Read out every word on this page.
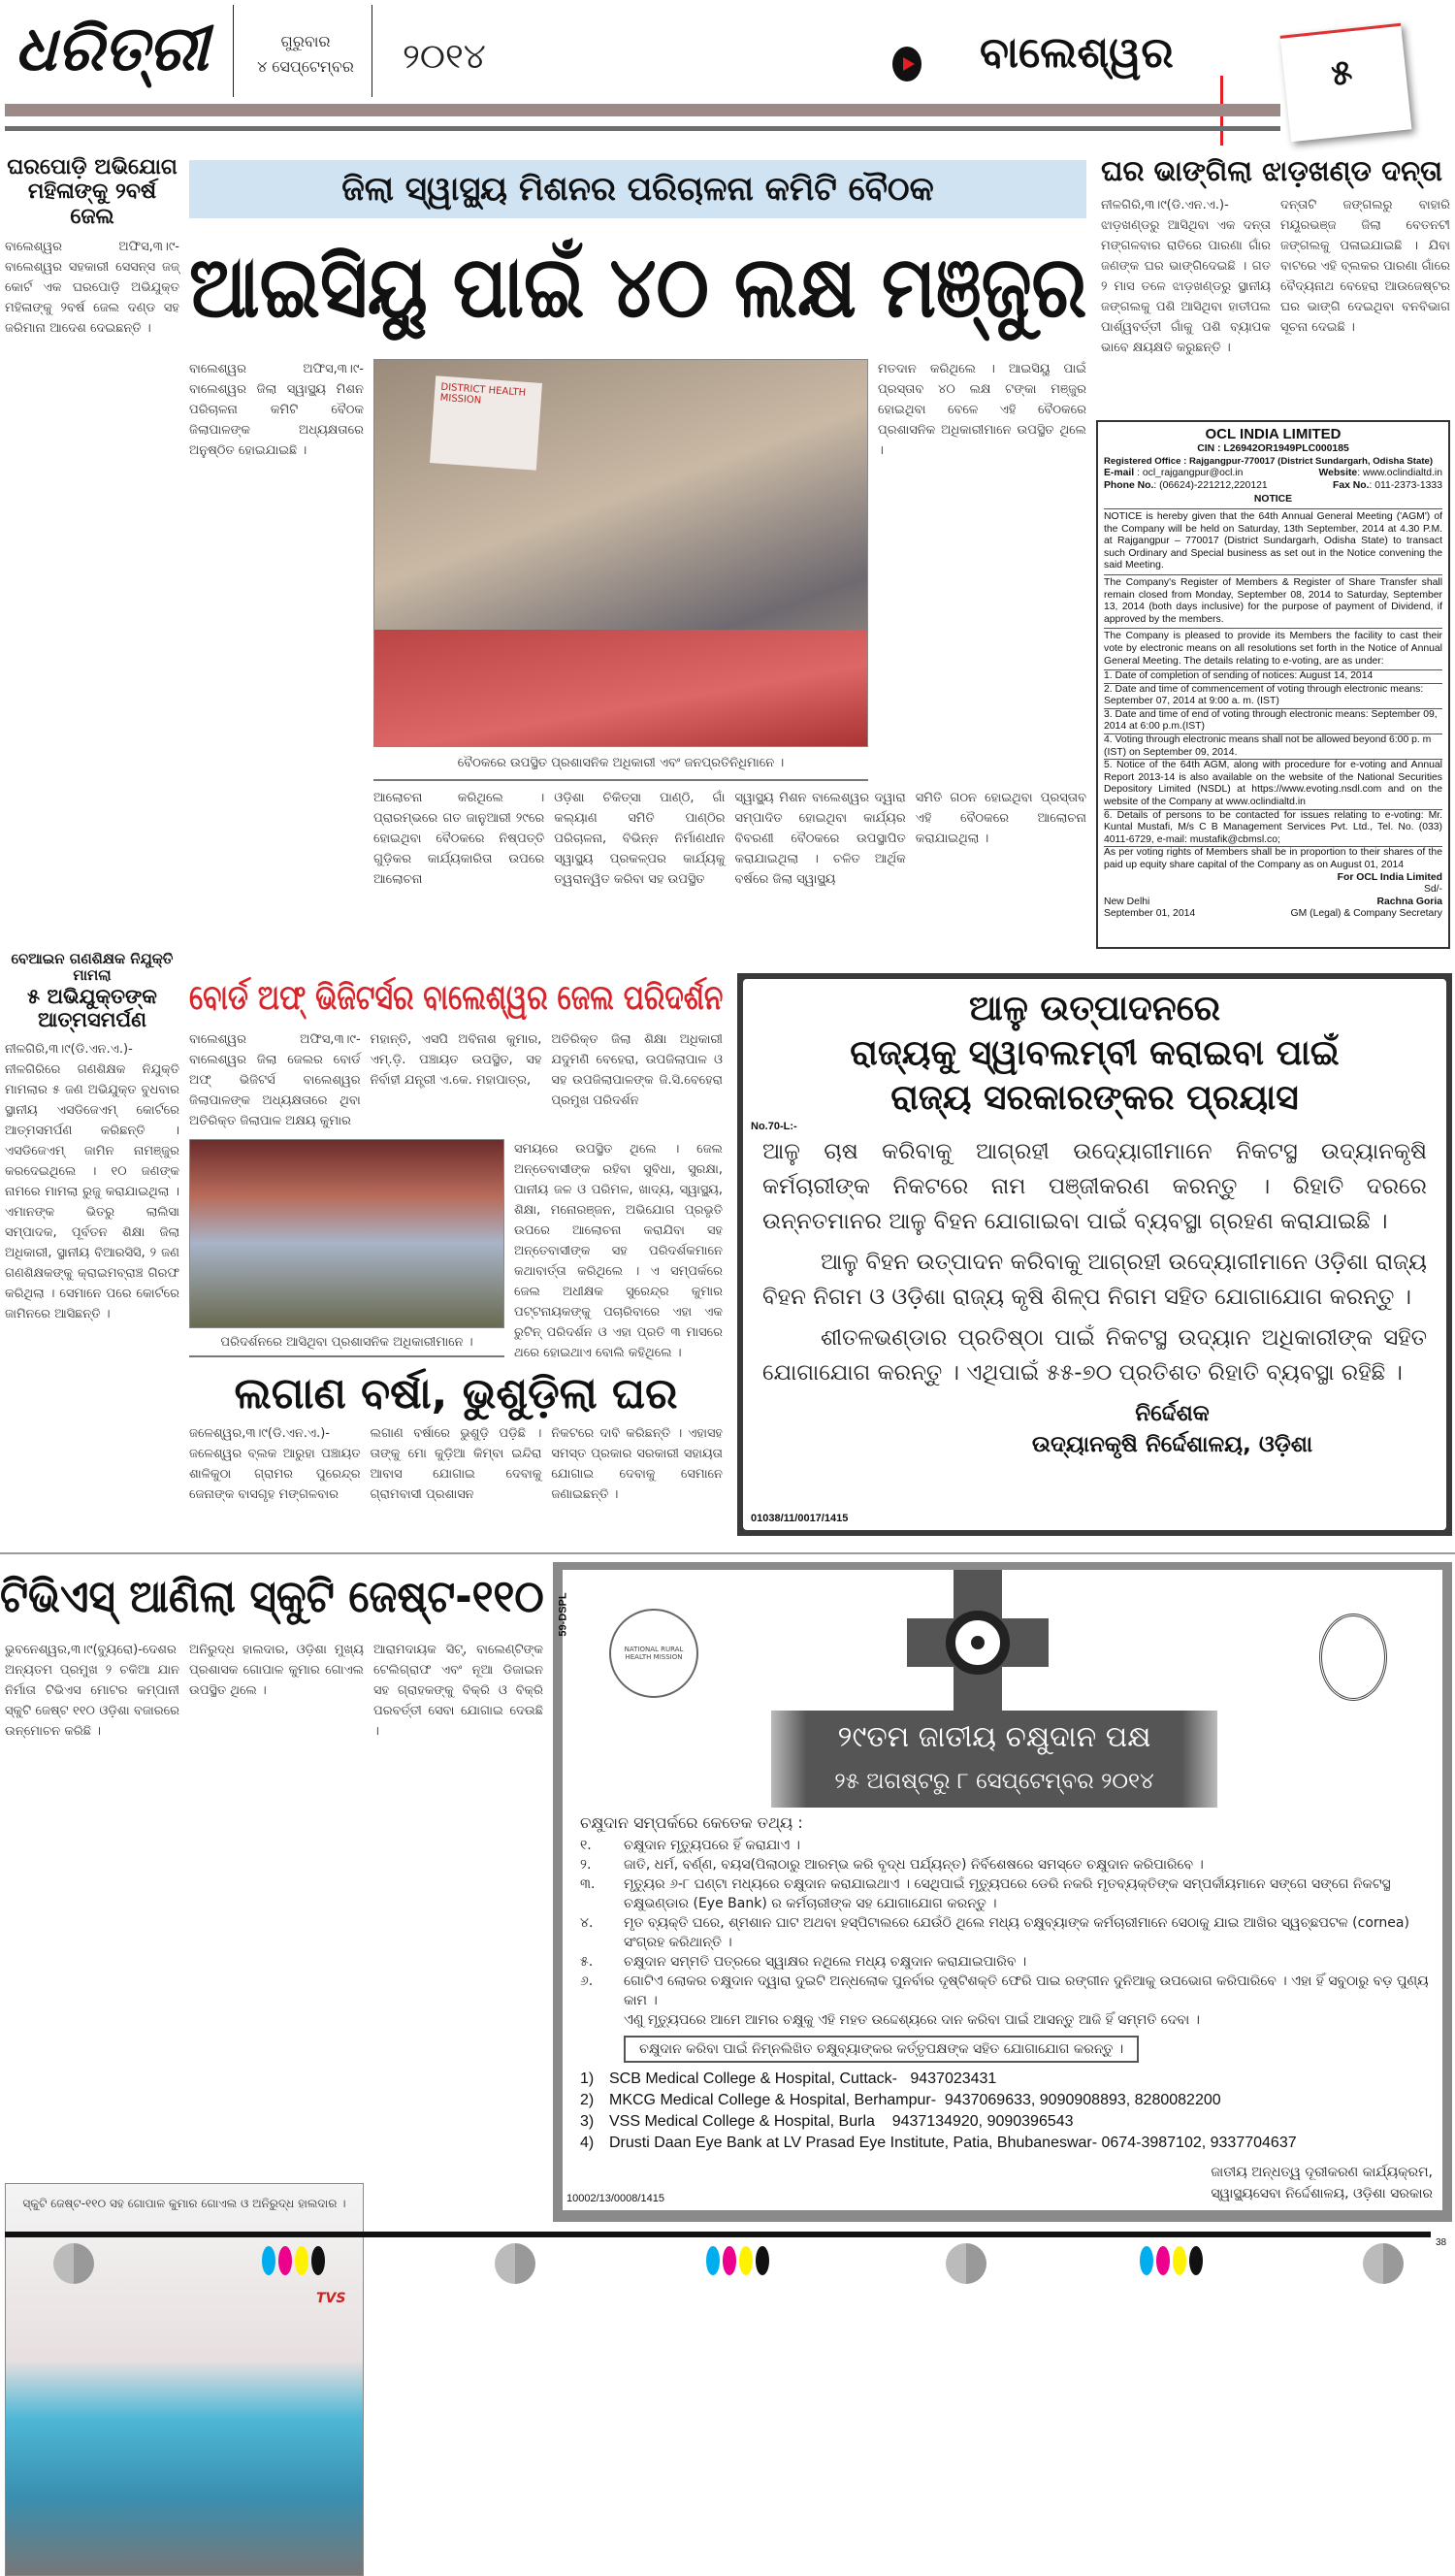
ଧରିତ୍ରୀ	ଗୁରୁବାର
୪ ସେପ୍ଟେମ୍ବର	୨୦୧୪	ବାଲେଶ୍ୱର	୫
ଘରପୋଡ଼ି ଅଭିଯୋଗ
ମହିଳାଙ୍କୁ ୨ବର୍ଷ ଜେଲ
ବାଲେଶ୍ୱର ଅଫିସ,୩।୯-ବାଲେଶ୍ୱର ସହକାରୀ ସେସନ୍ସ ଜଜ୍ କୋର୍ଟ ଏକ ଘରପୋଡ଼ି ଅଭିଯୁକ୍ତ ମହିଳାଙ୍କୁ ୨ବର୍ଷ ଜେଲ ଦଣ୍ଡ ସହ ଜରିମାନା ଆଦେଶ ଦେଇଛନ୍ତି ।
ବେଆଇନ ଗଣଶିକ୍ଷକ ନିଯୁକ୍ତି ମାମଲା
୫ ଅଭିଯୁକ୍ତଙ୍କ ଆତ୍ମସମର୍ପଣ
ନୀଳଗିରି,୩।୯(ଡି.ଏନ.ଏ.)- ନୀଳଗିରିରେ ଗଣଶିକ୍ଷକ ନିଯୁକ୍ତି ମାମଲାର ୫ ଜଣ ଅଭିଯୁକ୍ତ ବୁଧବାର ସ୍ଥାନୀୟ ଏସଡିଜେଏମ୍ କୋର୍ଟରେ ଆତ୍ମସମର୍ପଣ କରିଛନ୍ତି । ଏସଡିଜେଏମ୍ ଜାମିନ ନାମଞ୍ଜୁର କରଦେଇଥିଲେ । ୧୦ ଜଣଙ୍କ ନାମରେ ମାମଲା ରୁଜୁ କରାଯାଇଥିଲା । ଏମାନଙ୍କ ଭିତରୁ ଲାଲିସା ସମ୍ପାଦକ, ପୂର୍ବତନ ଶିକ୍ଷା ଜିଲା ଅଧିକାରୀ, ସ୍ଥାନୀୟ ବିଆରସିସି, ୨ ଜଣ ଗଣଶିକ୍ଷକଙ୍କୁ କ୍ରାଇମବ୍ରାଞ୍ଚ ଗିରଫ କରିଥିଲା । ସେମାନେ ପରେ କୋର୍ଟରେ ଜାମିନରେ ଆସିଛନ୍ତି ।
ଜିଲା ସ୍ୱାସ୍ଥ୍ୟ ମିଶନର ପରିଚାଳନା କମିଟି ବୈଠକ
ଆଇସିୟୁ ପାଇଁ ୪୦ ଲକ୍ଷ ମଞ୍ଜୁର
ବାଲେଶ୍ୱର ଅଫିସ,୩।୯-ବାଲେଶ୍ୱର ଜିଲା ସ୍ୱାସ୍ଥ୍ୟ ମିଶନ ପରିଚାଳନା କମିଟି ବୈଠକ ଜିଲାପାଳଙ୍କ ଅଧ୍ୟକ୍ଷତାରେ ଅନୁଷ୍ଠିତ ହୋଇଯାଇଛି ।
DISTRICT HEALTH MISSION
ବୈଠକରେ ଉପସ୍ଥିତ ପ୍ରଶାସନିକ ଅଧିକାରୀ ଏବଂ ଜନପ୍ରତିନିଧିମାନେ ।
ମତଦାନ କରିଥିଲେ । ଆଇସିୟୁ ପାଇଁ ପ୍ରସ୍ତାବ ୪୦ ଲକ୍ଷ ଟଙ୍କା ମଞ୍ଜୁର ହୋଇଥିବା ବେଳେ ଏହି ବୈଠକରେ ପ୍ରଶାସନିକ ଅଧିକାରୀମାନେ ଉପସ୍ଥିତ ଥିଲେ ।
ଆଲୋଚନା କରିଥିଲେ । ପ୍ରାରମ୍ଭରେ ଗତ ଜାନୁଆରୀ ୨୯ରେ ହୋଇଥିବା ବୈଠକରେ ନିଷ୍ପତ୍ତି ଗୁଡ଼ିକର କାର୍ଯ୍ୟକାରିତା ଉପରେ ଆଲୋଚନା
ଓଡ଼ିଶା ଚିକିତ୍ସା ପାଣ୍ଠି, ଗାଁ କଲ୍ୟାଣ ସମିତି ପାଣ୍ଠିର ପରିଚାଳନା, ବିଭିନ୍ନ ନିର୍ମାଣଧୀନ ସ୍ୱାସ୍ଥ୍ୟ ପ୍ରକଳ୍ପର କାର୍ଯ୍ୟକୁ ତ୍ୱରାନ୍ୱିତ କରିବା ସହ ଉପସ୍ଥିତ
ସ୍ୱାସ୍ଥ୍ୟ ମିଶନ ବାଲେଶ୍ୱର ଦ୍ୱାରା ସମ୍ପାଦିତ ହୋଇଥିବା କାର୍ଯ୍ୟର ବିବରଣୀ ବୈଠକରେ ଉପସ୍ଥାପିତ କରାଯାଇଥିଲା । ଚଳିତ ଆର୍ଥିକ ବର୍ଷରେ ଜିଲା ସ୍ୱାସ୍ଥ୍ୟ
ସମିତି ଗଠନ ହୋଇଥିବା ପ୍ରସ୍ତାବ ଏହି ବୈଠକରେ ଆଲୋଚନା କରାଯାଇଥିଲା ।
ଘର ଭାଙ୍ଗିଲା ଝାଡ଼ଖଣ୍ଡ ଦନ୍ତା
ନୀଳଗିରି,୩।୯(ଡି.ଏନ.ଏ.)- ଝାଡ଼ଖଣ୍ଡରୁ ଆସିଥିବା ଏକ ଦନ୍ତା ମଙ୍ଗଳବାର ରାତିରେ ପାରଣା ଗାଁର ଜଣଙ୍କ ଘର ଭାଙ୍ଗିଦେଇଛି । ଗତ ୨ ମାସ ତଳେ ଝାଡ଼ଖଣ୍ଡରୁ ସ୍ଥାନୀୟ ଜଙ୍ଗଲକୁ ପଶି ଆସିଥିବା ହାତୀପଲ ପାର୍ଶ୍ୱବର୍ତ୍ତୀ ଗାଁକୁ ପଶି ବ୍ୟାପକ ଭାବେ କ୍ଷୟକ୍ଷତି କରୁଛନ୍ତି ।
ଦନ୍ତାଟି ଜଙ୍ଗଲରୁ ବାହାରି ମୟୂରଭଞ୍ଜ ଜିଲା ବେତନଟୀ ଜଙ୍ଗଲକୁ ପଳାଇଯାଇଛି । ଯିବା ବାଟରେ ଏହି ବ୍ଲକର ପାରଣା ଗାଁରେ ବୈଦ୍ୟନାଥ ବେହେରା ଆଉଜେଷ୍ଟର ଘର ଭାଙ୍ଗି ଦେଇଥିବା ବନବିଭାଗ ସୂଚନା ଦେଇଛି ।
OCL INDIA LIMITED
CIN : L26942OR1949PLC000185
Registered Office : Rajgangpur-770017 (District Sundargarh, Odisha State)
E-mail : ocl_rajgangpur@ocl.in	Website: www.oclindialtd.in
Phone No.: (06624)-221212,220121	Fax No.: 011-2373-1333
NOTICE
NOTICE is hereby given that the 64th Annual General Meeting ('AGM') of the Company will be held on Saturday, 13th September, 2014 at 4.30 P.M. at Rajgangpur – 770017 (District Sundargarh, Odisha State) to transact such Ordinary and Special business as set out in the Notice convening the said Meeting.
The Company's Register of Members & Register of Share Transfer shall remain closed from Monday, September 08, 2014 to Saturday, September 13, 2014 (both days inclusive) for the purpose of payment of Dividend, if approved by the members.
The Company is pleased to provide its Members the facility to cast their vote by electronic means on all resolutions set forth in the Notice of Annual General Meeting. The details relating to e-voting, are as under:
1. Date of completion of sending of notices: August 14, 2014
2. Date and time of commencement of voting through electronic means: September 07, 2014 at 9:00 a. m. (IST)
3. Date and time of end of voting through electronic means: September 09, 2014 at 6:00 p.m.(IST)
4. Voting through electronic means shall not be allowed beyond 6:00 p. m (IST) on September 09, 2014.
5. Notice of the 64th AGM, along with procedure for e-voting and Annual Report 2013-14 is also available on the website of the National Securities Depository Limited (NSDL) at https://www.evoting.nsdl.com and on the website of the Company at www.oclindialtd.in
6. Details of persons to be contacted for issues relating to e-voting: Mr. Kuntal Mustafi, M/s C B Management Services Pvt. Ltd., Tel. No. (033) 4011-6729, e-mail: mustafik@cbmsl.co;
As per voting rights of Members shall be in proportion to their shares of the paid up equity share capital of the Company as on August 01, 2014
For OCL India Limited
Sd/-
New Delhi	Rachna Goria
September 01, 2014	GM (Legal) & Company Secretary
ବୋର୍ଡ ଅଫ୍ ଭିଜିଟର୍ସର ବାଲେଶ୍ୱର ଜେଲ ପରିଦର୍ଶନ
ବାଲେଶ୍ୱର ଅଫିସ,୩।୯-ବାଲେଶ୍ୱର ଜିଲା ଜେଲର ବୋର୍ଡ ଅଫ୍ ଭିଜିଟର୍ସ ବାଲେଶ୍ୱର ଜିଲାପାଳଙ୍କ ଅଧ୍ୟକ୍ଷତାରେ ଥିବା ଅତିରିକ୍ତ ଜିଲାପାଳ ଅକ୍ଷୟ କୁମାର
ମହାନ୍ତି, ଏସପି ଅବିନାଶ କୁମାର, ଏମ୍.ଡ଼ି. ପଞ୍ଚାୟତ ଉପସ୍ଥିତ, ସହ ନିର୍ବାହୀ ଯନ୍ତ୍ରୀ ଏ.କେ. ମହାପାତ୍ର,
ଅତିରିକ୍ତ ଜିଲା ଶିକ୍ଷା ଅଧିକାରୀ ଯଦୁମଣି ବେହେରା, ଉପଜିଲାପାଳ ଓ ସହ ଉପଜିଲାପାଳଙ୍କ ଜି.ସି.ବେହେରା ପ୍ରମୁଖ ପରିଦର୍ଶନ
ପରିଦର୍ଶନରେ ଆସିଥିବା ପ୍ରଶାସନିକ ଅଧିକାରୀମାନେ ।
ସମୟରେ ଉପସ୍ଥିତ ଥିଲେ । ଜେଲ ଅନ୍ତେବାସୀଙ୍କ ରହିବା ସୁବିଧା, ସୁରକ୍ଷା, ପାନୀୟ ଜଳ ଓ ପରିମଳ, ଖାଦ୍ୟ, ସ୍ୱାସ୍ଥ୍ୟ, ଶିକ୍ଷା, ମନୋରଞ୍ଜନ, ଅଭିଯୋଗ ପ୍ରଭୃତି ଉପରେ ଆଲୋଚନା କରାଯିବା ସହ ଅନ୍ତେବାସୀଙ୍କ ସହ ପରିଦର୍ଶକମାନେ କଥାବାର୍ତ୍ତା କରିଥିଲେ । ଏ ସମ୍ପର୍କରେ ଜେଲ ଅଧୀକ୍ଷକ ସୁରେନ୍ଦ୍ର କୁମାର ପଟ୍ଟନାୟକଙ୍କୁ ପଚାରିବାରେ ଏହା ଏକ ରୁଟିନ୍ ପରିଦର୍ଶନ ଓ ଏହା ପ୍ରତି ୩ ମାସରେ ଥରେ ହୋଇଥାଏ ବୋଲି କହିଥିଲେ ।
ଲଗାଣ ବର୍ଷା, ଭୁଶୁଡ଼ିଲା ଘର
ଜଳେଶ୍ୱର,୩।୯(ଡି.ଏନ.ଏ.)-ଜଳେଶ୍ୱର ବ୍ଲକ ଆରୁହା ପଞ୍ଚାୟତ ଶାଳିକୁଠା ଗ୍ରାମର ପୁରେନ୍ଦ୍ର ଜେନାଙ୍କ ବାସଗୃହ ମଙ୍ଗଳବାର
ଲଗାଣ ବର୍ଷାରେ ଭୁଶୁଡ଼ି ପଡ଼ିଛି । ତାଙ୍କୁ ମୋ କୁଡ଼ିଆ କିମ୍ବା ଇନ୍ଦିରା ଆବାସ ଯୋଗାଇ ଦେବାକୁ ଗ୍ରାମବାସୀ ପ୍ରଶାସନ
ନିକଟରେ ଦାବି କରିଛନ୍ତି । ଏହାସହ ସମସ୍ତ ପ୍ରକାର ସରକାରୀ ସହାୟତା ଯୋଗାଇ ଦେବାକୁ ସେମାନେ ଜଣାଇଛନ୍ତି ।
ଆଳୁ ଉତ୍ପାଦନରେ
ରାଜ୍ୟକୁ ସ୍ୱାବଲମ୍ବୀ କରାଇବା ପାଇଁ
ରାଜ୍ୟ ସରକାରଙ୍କର ପ୍ରୟାସ
No.70-L:-
ଆଳୁ ଚାଷ କରିବାକୁ ଆଗ୍ରହୀ ଉଦ୍ୟୋଗୀମାନେ ନିକଟସ୍ଥ ଉଦ୍ୟାନକୃଷି କର୍ମଚାରୀଙ୍କ ନିକଟରେ ନାମ ପଞ୍ଜୀକରଣ କରନ୍ତୁ । ରିହାତି ଦରରେ ଉନ୍ନତମାନର ଆଳୁ ବିହନ ଯୋଗାଇବା ପାଇଁ ବ୍ୟବସ୍ଥା ଗ୍ରହଣ କରାଯାଇଛି ।
ଆଳୁ ବିହନ ଉତ୍ପାଦନ କରିବାକୁ ଆଗ୍ରହୀ ଉଦ୍ୟୋଗୀମାନେ ଓଡ଼ିଶା ରାଜ୍ୟ ବିହନ ନିଗମ ଓ ଓଡ଼ିଶା ରାଜ୍ୟ କୃଷି ଶିଳ୍ପ ନିଗମ ସହିତ ଯୋଗାଯୋଗ କରନ୍ତୁ ।
ଶୀତଳଭଣ୍ଡାର ପ୍ରତିଷ୍ଠା ପାଇଁ ନିକଟସ୍ଥ ଉଦ୍ୟାନ ଅଧିକାରୀଙ୍କ ସହିତ ଯୋଗାଯୋଗ କରନ୍ତୁ । ଏଥିପାଇଁ ୫୫-୭୦ ପ୍ରତିଶତ ରିହାତି ବ୍ୟବସ୍ଥା ରହିଛି ।
ନିର୍ଦ୍ଦେଶକ
ଉଦ୍ୟାନକୃଷି ନିର୍ଦ୍ଦେଶାଳୟ, ଓଡ଼ିଶା
01038/11/0017/1415
ଟିଭିଏସ୍ ଆଣିଲା ସ୍କୁଟି ଜେଷ୍ଟ-୧୧୦
ଭୁବନେଶ୍ୱର,୩।୯(ବ୍ୟୁରୋ)-ଦେଶର ଅନ୍ୟତମ ପ୍ରମୁଖ ୨ ଚକିଆ ଯାନ ନିର୍ମାତା ଟିଭିଏସ ମୋଟର କମ୍ପାନୀ ସ୍କୁଟି ଜେଷ୍ଟ ୧୧୦ ଓଡ଼ିଶା ବଜାରରେ ଉନ୍ମୋଚନ କରିଛି ।
ଅନିରୁଦ୍ଧ ହାଲଦାର, ଓଡ଼ିଶା ମୁଖ୍ୟ ପ୍ରଶାସକ ଗୋପାଳ କୁମାର ଗୋଏଲ ଉପସ୍ଥିତ ଥିଲେ ।
ଆରାମଦାୟକ ସିଟ୍, ବାଲେଣ୍ଟିଙ୍କ ଟେଲିଗ୍ରାଫ ଏବଂ ନୂଆ ଡିଜାଇନ ସହ ଗ୍ରାହକଙ୍କୁ ବିକ୍ରି ଓ ବିକ୍ରି ପରବର୍ତ୍ତୀ ସେବା ଯୋଗାଇ ଦେଉଛି ।
TVS
ସ୍କୁଟି ଜେଷ୍ଟ-୧୧୦ ସହ ଗୋପାଳ କୁମାର ଗୋଏଲ ଓ ଅନିରୁଦ୍ଧ ହାଲଦାର ।
59-DSPL
NATIONAL RURAL HEALTH MISSION
୨୯ତମ ଜାତୀୟ ଚକ୍ଷୁଦାନ ପକ୍ଷ
୨୫ ଅଗଷ୍ଟରୁ ୮ ସେପ୍ଟେମ୍ବର ୨୦୧୪
ଚକ୍ଷୁଦାନ ସମ୍ପର୍କରେ କେତେକ ତଥ୍ୟ :
୧.	ଚକ୍ଷୁଦାନ ମୃତ୍ୟୁପରେ ହିଁ କରାଯାଏ ।
୨.	ଜାତି, ଧର୍ମ, ବର୍ଣ୍ଣ, ବୟସ(ପିଲାଠାରୁ ଆରମ୍ଭ କରି ବୃଦ୍ଧ ପର୍ଯ୍ୟନ୍ତ) ନିର୍ବିଶେଷରେ ସମସ୍ତେ ଚକ୍ଷୁଦାନ କରିପାରିବେ ।
୩.	ମୃତ୍ୟୁର ୬-୮ ଘଣ୍ଟା ମଧ୍ୟରେ ଚକ୍ଷୁଦାନ କରାଯାଇଥାଏ । ସେଥିପାଇଁ ମୃତ୍ୟୁପରେ ଡେରି ନକରି ମୃତବ୍ୟକ୍ତିଙ୍କ ସମ୍ପର୍କୀୟମାନେ ସଙ୍ଗେ ସଙ୍ଗେ ନିକଟସ୍ଥ ଚକ୍ଷୁଭଣ୍ଡାର (Eye Bank) ର କର୍ମଚାରୀଙ୍କ ସହ ଯୋଗାଯୋଗ କରନ୍ତୁ ।
୪.	ମୃତ ବ୍ୟକ୍ତି ଘରେ, ଶ୍ମଶାନ ଘାଟ ଅଥବା ହସ୍ପିଟାଲରେ ଯେଉଁଠି ଥିଲେ ମଧ୍ୟ ଚକ୍ଷୁବ୍ୟାଙ୍କ କର୍ମଚାରୀମାନେ ସେଠାକୁ ଯାଇ ଆଖିର ସ୍ୱଚ୍ଛପଟଳ (cornea) ସଂଗ୍ରହ କରିଥାନ୍ତି ।
୫.	ଚକ୍ଷୁଦାନ ସମ୍ମତି ପତ୍ରରେ ସ୍ୱାକ୍ଷର ନଥିଲେ ମଧ୍ୟ ଚକ୍ଷୁଦାନ କରାଯାଇପାରିବ ।
୬.	ଗୋଟିଏ ଲୋକର ଚକ୍ଷୁଦାନ ଦ୍ୱାରା ଦୁଇଟି ଅନ୍ଧଲୋକ ପୁନର୍ବାର ଦୃଷ୍ଟିଶକ୍ତି ଫେରି ପାଇ ରଙ୍ଗୀନ ଦୁନିଆକୁ ଉପଭୋଗ କରିପାରିବେ । ଏହା ହିଁ ସବୁଠାରୁ ବଡ଼ ପୁଣ୍ୟ କାମ ।
ଏଣୁ ମୃତ୍ୟୁପରେ ଆମେ ଆମର ଚକ୍ଷୁକୁ ଏହି ମହତ ଉଦ୍ଦେଶ୍ୟରେ ଦାନ କରିବା ପାଇଁ ଆସନ୍ତୁ ଆଜି ହିଁ ସମ୍ମତି ଦେବା ।
ଚକ୍ଷୁଦାନ କରିବା ପାଇଁ ନିମ୍ନଲିଖିତ ଚକ୍ଷୁବ୍ୟାଙ୍କର କର୍ତ୍ତୃପକ୍ଷଙ୍କ ସହିତ ଯୋଗାଯୋଗ କରନ୍ତୁ ।
1) SCB Medical College & Hospital, Cuttack-   9437023431
2) MKCG Medical College & Hospital, Berhampur-  9437069633, 9090908893, 8280082200
3) VSS Medical College & Hospital, Burla    9437134920, 9090396543
4) Drusti Daan Eye Bank at LV Prasad Eye Institute, Patia, Bhubaneswar- 0674-3987102, 9337704637
10002/13/0008/1415
ଜାତୀୟ ଅନ୍ଧତ୍ୱ ଦୂରୀକରଣ କାର୍ଯ୍ୟକ୍ରମ,
ସ୍ୱାସ୍ଥ୍ୟସେବା ନିର୍ଦ୍ଦେଶାଳୟ, ଓଡ଼ିଶା ସରକାର
38
